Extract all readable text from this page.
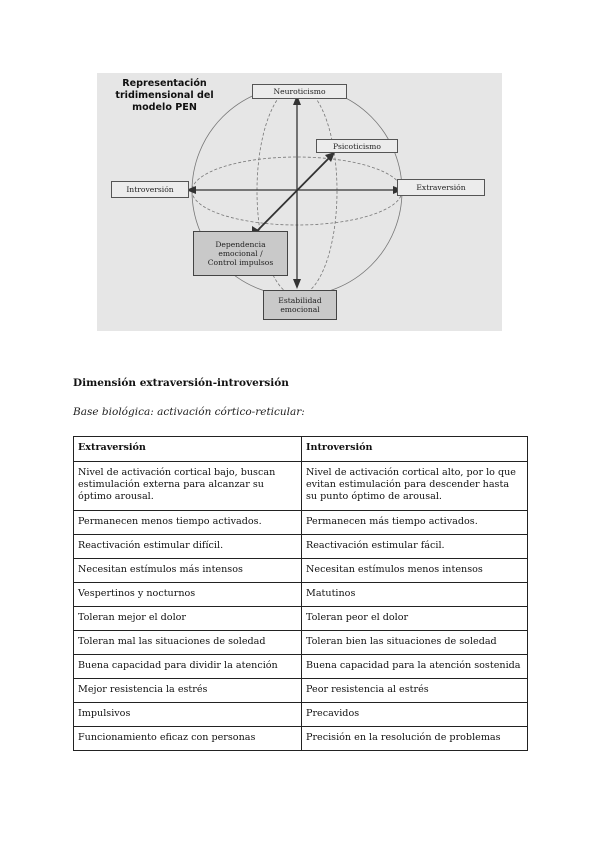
Representación tridimensional del modelo PEN
Neuroticismo
Psicoticismo
Introversión	Extraversión
Dependencia emocional / Control impulsos
Estabilidad emocional
Dimensión extraversión-introversión
Base biológica: activación córtico-reticular:
Extraversión	Introversión
Nivel de activación cortical bajo, buscan estimulación externa para alcanzar su óptimo arousal.	Nivel de activación cortical alto, por lo que evitan estimulación para descender hasta su punto óptimo de arousal.
Permanecen menos tiempo activados.	Permanecen más tiempo activados.
Reactivación estimular difícil.	Reactivación estimular fácil.
Necesitan estímulos más intensos	Necesitan estímulos menos intensos
Vespertinos y nocturnos	Matutinos
Toleran mejor el dolor	Toleran peor el dolor
Toleran mal las situaciones de soledad	Toleran bien las situaciones de soledad
Buena capacidad para dividir la atención	Buena capacidad para la atención sostenida
Mejor resistencia la estrés	Peor resistencia al estrés
Impulsivos	Precavidos
Funcionamiento eficaz con personas	Precisión en la resolución de problemas
